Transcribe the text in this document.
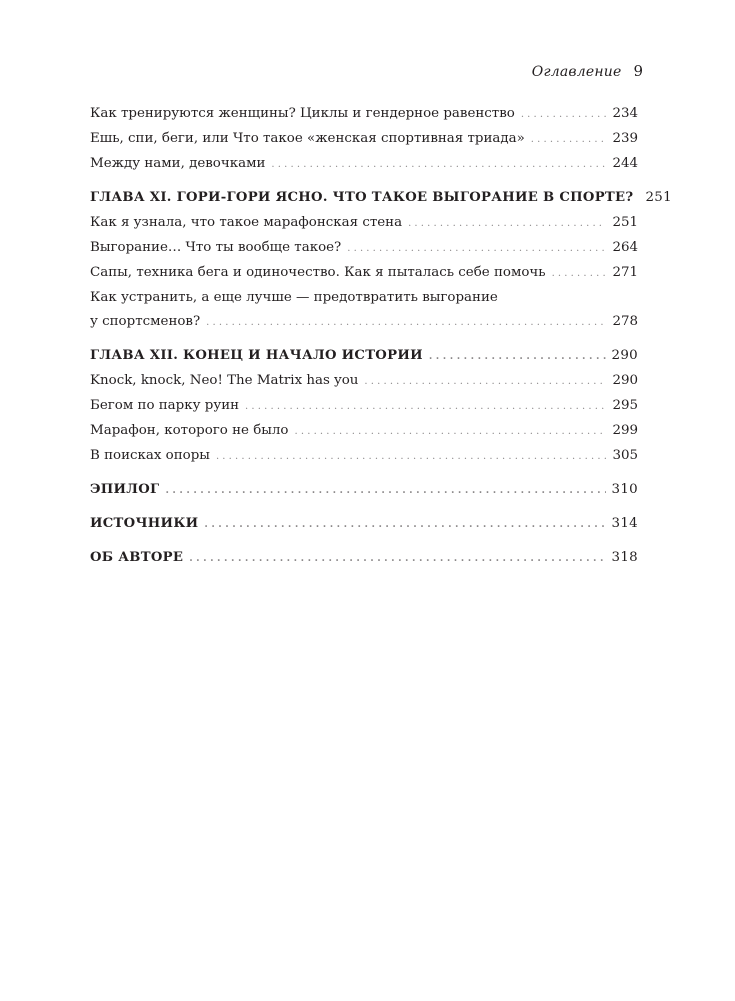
Оглавление 9
Как тренируются женщины? Циклы и гендерное равенство . . .	234
Ешь, спи, беги, или Что такое «женская спортивная триада» . . .	239
Между нами, девочками . . .	244
ГЛАВА XI. ГОРИ-ГОРИ ЯСНО. ЧТО ТАКОЕ ВЫГОРАНИЕ В СПОРТЕ? 251
Как я узнала, что такое марафонская стена . . .	251
Выгорание… Что ты вообще такое? . . .	264
Сапы, техника бега и одиночество. Как я пыталась себе помочь . . .	271
Как устранить, а еще лучше — предотвратить выгорание
у спортсменов? . . .	278
ГЛАВА XII. КОНЕЦ И НАЧАЛО ИСТОРИИ . . .	290
Knock, knock, Neo! The Matrix has you . . .	290
Бегом по парку руин . . .	295
Марафон, которого не было . . .	299
В поисках опоры . . .	305
ЭПИЛОГ . . .	310
ИСТОЧНИКИ . . .	314
ОБ АВТОРЕ . . .	318
